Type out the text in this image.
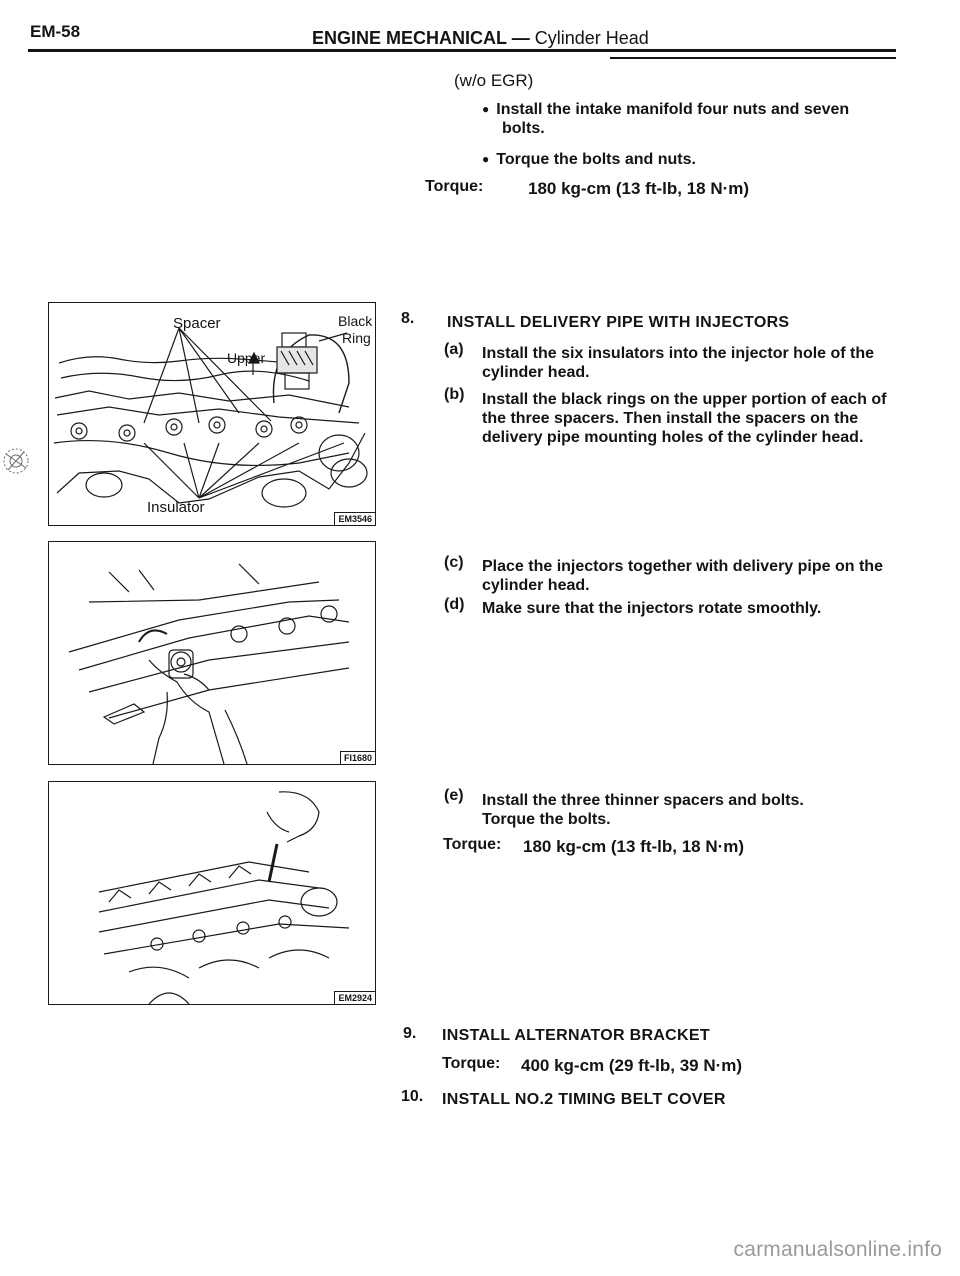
EM-58	ENGINE MECHANICAL — Cylinder Head
(w/o EGR)
● Install the intake manifold four nuts and seven
bolts.
● Torque the bolts and nuts.
Torque:	180 kg-cm (13 ft-lb, 18 N·m)
8. INSTALL DELIVERY PIPE WITH INJECTORS
(a) Install the six insulators into the injector hole of the
cylinder head.
(b) Install the black rings on the upper portion of each of
the three spacers. Then install the spacers on the
delivery pipe mounting holes of the cylinder head.
(c) Place the injectors together with delivery pipe on the
cylinder head.
(d) Make sure that the injectors rotate smoothly.
(e) Install the three thinner spacers and bolts.
Torque the bolts.
Torque: 180 kg-cm (13 ft-lb, 18 N·m)
9. INSTALL ALTERNATOR BRACKET
Torque: 400 kg-cm (29 ft-lb, 39 N·m)
10. INSTALL NO.2 TIMING BELT COVER
Spacer	Black
Ring
Upper
Insulator
EM3546
FI1680
EM2924
carmanualsonline.info
